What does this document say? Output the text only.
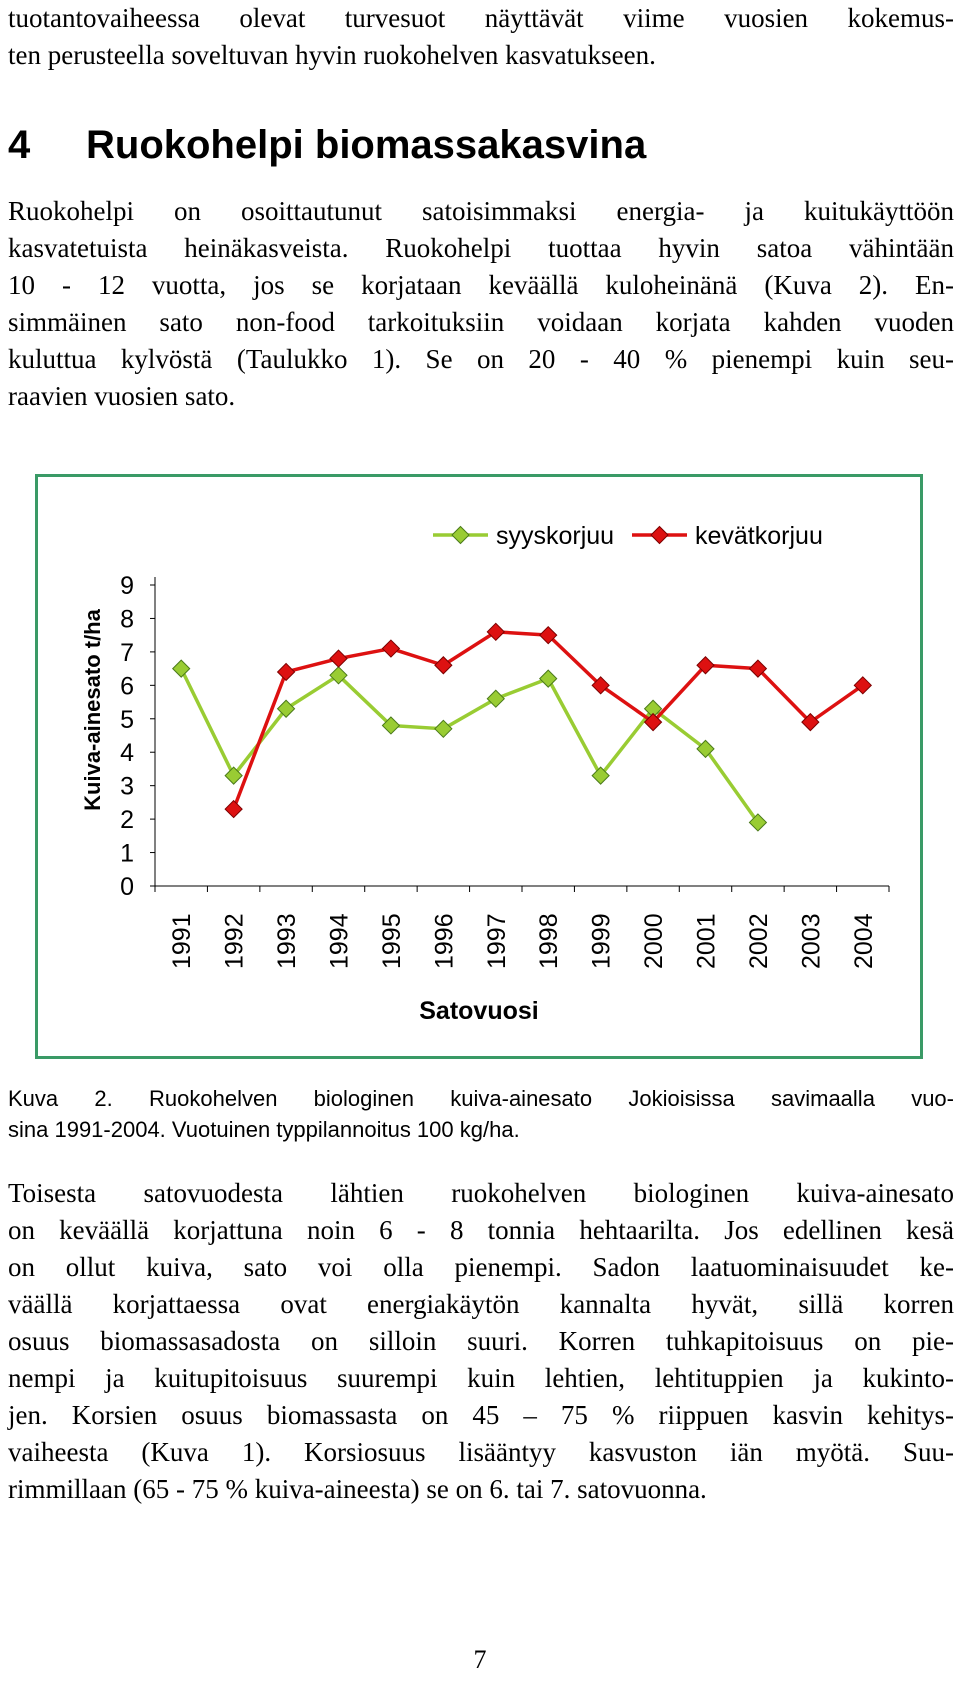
tuotantovaiheessa olevat turvesuot näyttävät viime vuosien kokemus-
ten perusteella soveltuvan hyvin ruokohelven kasvatukseen.
4 Ruokohelpi biomassakasvina
Ruokohelpi on osoittautunut satoisimmaksi energia- ja kuitukäyttöön
kasvatetuista heinäkasveista. Ruokohelpi tuottaa hyvin satoa vähintään
10 - 12 vuotta, jos se korjataan keväällä kuloheinänä (Kuva 2). En-
simmäinen sato non-food tarkoituksiin voidaan korjata kahden vuoden
kuluttua kylvöstä (Taulukko 1). Se on 20 - 40 % pienempi kuin seu-
raavien vuosien sato.
0
1
2
3
4
5
6
7
8
9
1991 1992 1993 1994 1995 1996 1997 1998 1999 2000 2001 2002 2003 2004
Satovuosi
Kuiva-ainesato t/ha
syyskorjuu	kevätkorjuu
Kuva 2. Ruokohelven biologinen kuiva-ainesato Jokioisissa savimaalla vuo-
sina 1991-2004. Vuotuinen typpilannoitus 100 kg/ha.
Toisesta satovuodesta lähtien ruokohelven biologinen kuiva-ainesato
on keväällä korjattuna noin 6 - 8 tonnia hehtaarilta. Jos edellinen kesä
on ollut kuiva, sato voi olla pienempi. Sadon laatuominaisuudet ke-
väällä korjattaessa ovat energiakäytön kannalta hyvät, sillä korren
osuus biomassasadosta on silloin suuri. Korren tuhkapitoisuus on pie-
nempi ja kuitupitoisuus suurempi kuin lehtien, lehtituppien ja kukinto-
jen. Korsien osuus biomassasta on 45 – 75 % riippuen kasvin kehitys-
vaiheesta (Kuva 1). Korsiosuus lisääntyy kasvuston iän myötä. Suu-
rimmillaan (65 - 75 % kuiva-aineesta) se on 6. tai 7. satovuonna.
7
